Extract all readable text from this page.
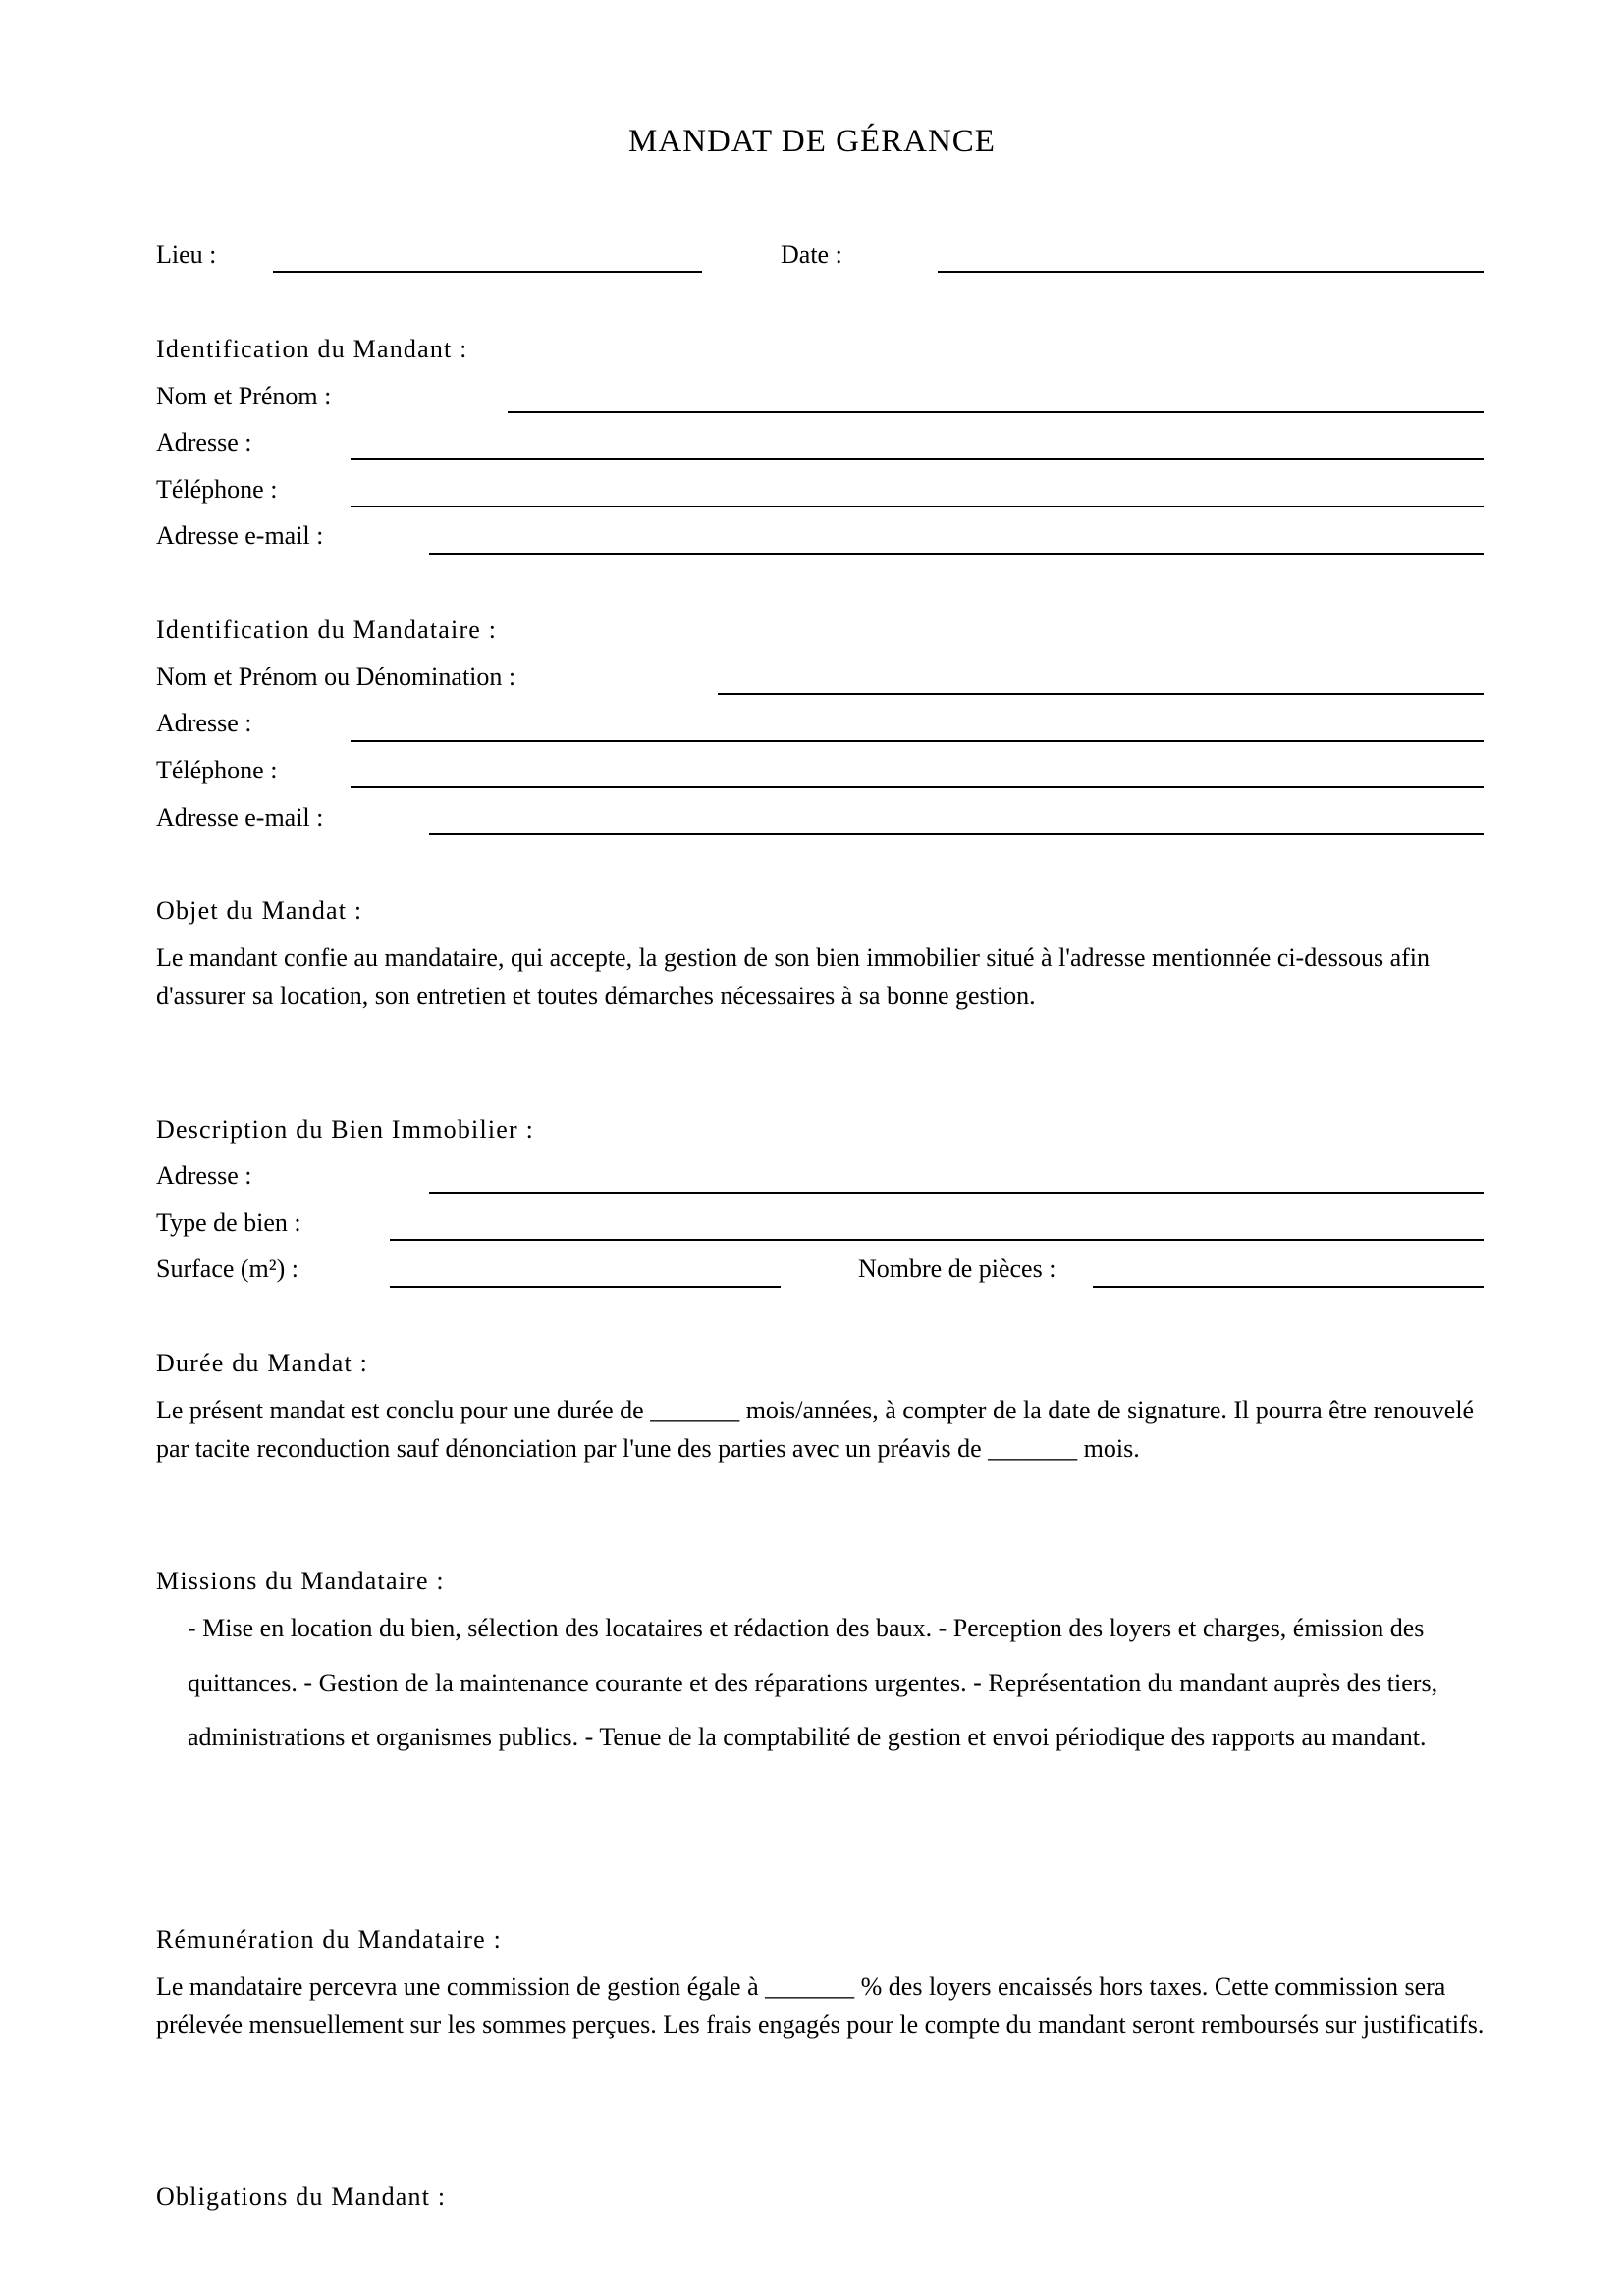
MANDAT DE GÉRANCE
Lieu :	Date :
Identification du Mandant :
Nom et Prénom :
Adresse :
Téléphone :
Adresse e-mail :
Identification du Mandataire :
Nom et Prénom ou Dénomination :
Adresse :
Téléphone :
Adresse e-mail :
Objet du Mandat :
Le mandant confie au mandataire, qui accepte, la gestion de son bien immobilier situé à l'adresse mentionnée ci-dessous afin d'assurer sa location, son entretien et toutes démarches nécessaires à sa bonne gestion.
Description du Bien Immobilier :
Adresse :
Type de bien :
Surface (m²) :	Nombre de pièces :
Durée du Mandat :
Le présent mandat est conclu pour une durée de _______ mois/années, à compter de la date de signature. Il pourra être renouvelé par tacite reconduction sauf dénonciation par l'une des parties avec un préavis de _______ mois.
Missions du Mandataire :
- Mise en location du bien, sélection des locataires et rédaction des baux. - Perception des loyers et charges, émission des quittances. - Gestion de la maintenance courante et des réparations urgentes. - Représentation du mandant auprès des tiers, administrations et organismes publics. - Tenue de la comptabilité de gestion et envoi périodique des rapports au mandant.
Rémunération du Mandataire :
Le mandataire percevra une commission de gestion égale à _______ % des loyers encaissés hors taxes. Cette commission sera prélevée mensuellement sur les sommes perçues. Les frais engagés pour le compte du mandant seront remboursés sur justificatifs.
Obligations du Mandant :
